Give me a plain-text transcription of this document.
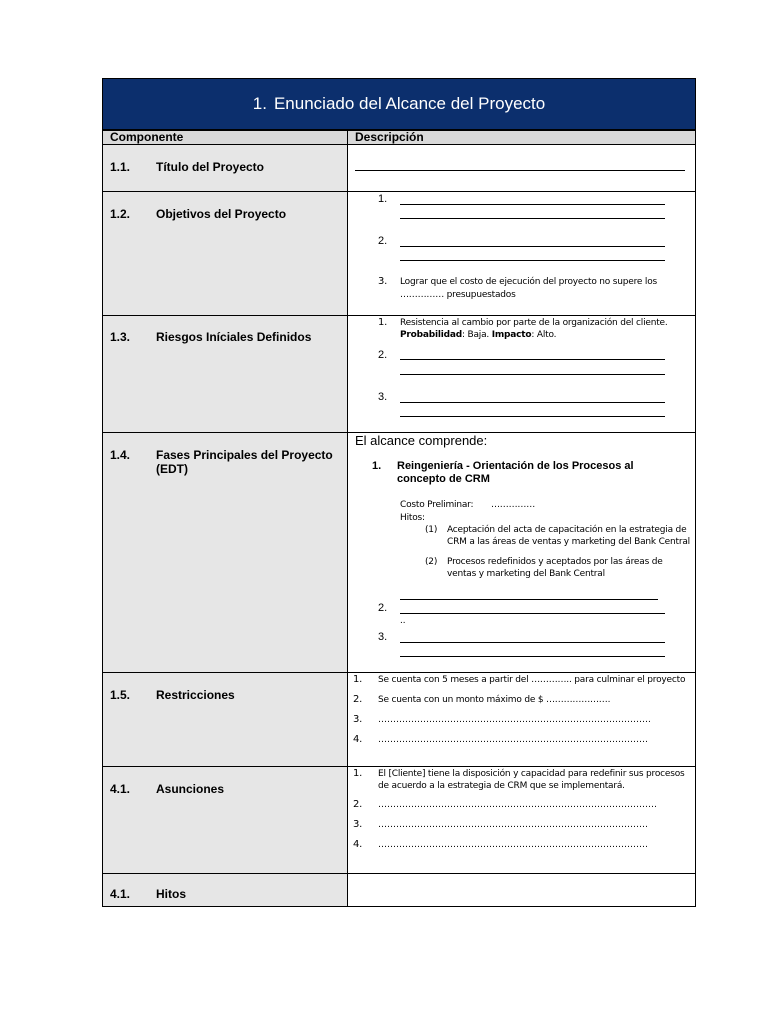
1. Enunciado del Alcance del Proyecto
Componente	Descripción
1.1.	Título del Proyecto
1.2.	Objetivos del Proyecto
1.
2.
3. Lograr que el costo de ejecución del proyecto no supere los
…………… presupuestados
1.3.	Riesgos Iníciales Definidos
1. Resistencia al cambio por parte de la organización del cliente.
Probabilidad: Baja. Impacto: Alto.
2.
3.
1.4.	Fases Principales del Proyecto (EDT)
El alcance comprende:
1. Reingeniería - Orientación de los Procesos al concepto de CRM
Costo Preliminar: ……………
Hitos:
(1) Aceptación del acta de capacitación en la estrategia de CRM a las áreas de ventas y marketing del Bank Central
(2) Procesos redefinidos y aceptados por las áreas de ventas y marketing del Bank Central
2.
..
3.
1.5.	Restricciones
1. Se cuenta con 5 meses a partir del ………….. para culminar el proyecto
2. Se cuenta con un monto máximo de $ ………………….
3. ……………………………………………………………………………….
4. ………………………………………………………………………………
4.1.	Asunciones
1. El [Cliente] tiene la disposición y capacidad para redefinir sus procesos
de acuerdo a la estrategia de CRM que se implementará.
2. …………………………………………………………………………………
3. ………………………………………………………………………………
4. ………………………………………………………………………………
4.1.	Hitos
